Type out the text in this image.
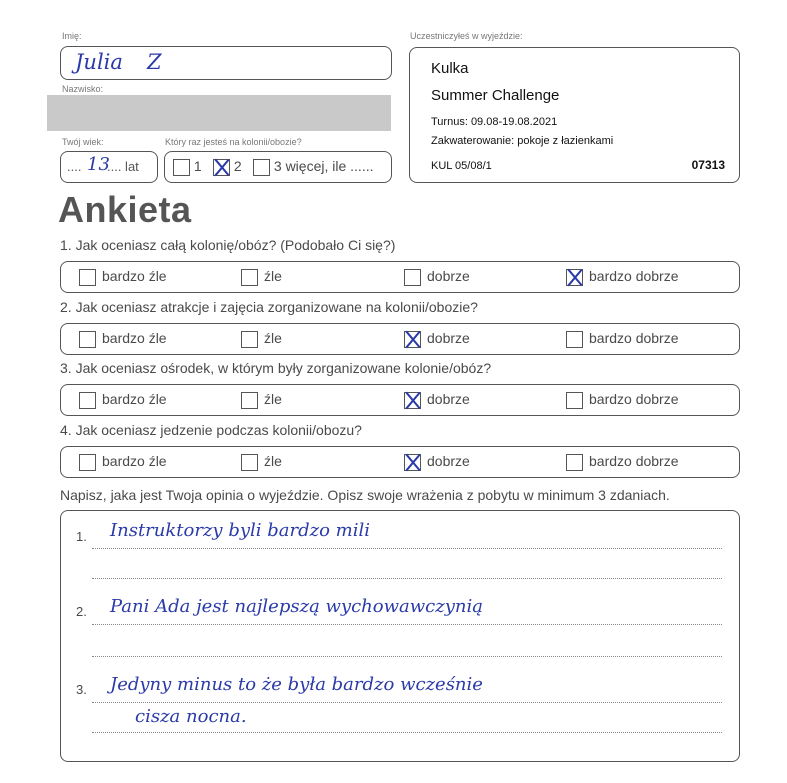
Imię:
Julia Z
Nazwisko:
Twój wiek:
.... 13
.... lat
Który raz jesteś na kolonii/obozie?
1	2	3 więcej, ile ......
Uczestniczyłeś w wyjeździe:
Kulka
Summer Challenge
Turnus: 09.08-19.08.2021
Zakwaterowanie: pokoje z łazienkami
KUL 05/08/1	07313
Ankieta
1. Jak oceniasz całą kolonię/obóz? (Podobało Ci się?)
bardzo źle	źle	dobrze	bardzo dobrze
2. Jak oceniasz atrakcje i zajęcia zorganizowane na kolonii/obozie?
bardzo źle	źle	dobrze	bardzo dobrze
3. Jak oceniasz ośrodek, w którym były zorganizowane kolonie/obóz?
bardzo źle	źle	dobrze	bardzo dobrze
4. Jak oceniasz jedzenie podczas kolonii/obozu?
bardzo źle	źle	dobrze	bardzo dobrze
Napisz, jaka jest Twoja opinia o wyjeździe. Opisz swoje wrażenia z pobytu w minimum 3 zdaniach.
1. Instruktorzy byli bardzo mili
2. Pani Ada jest najlepszą wychowawczynią
3. Jedyny minus to że była bardzo wcześnie
cisza nocna.
